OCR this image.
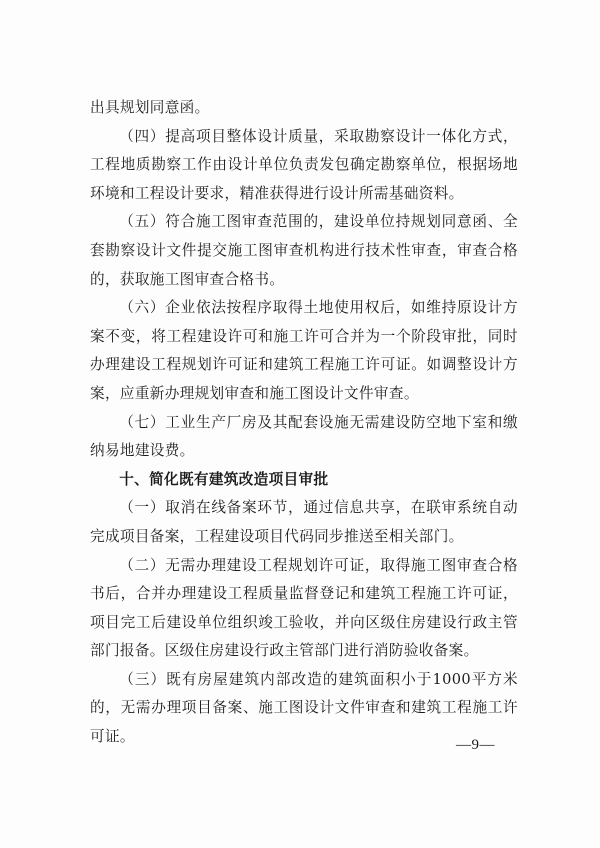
出具规划同意函。

（四）提高项目整体设计质量，采取勘察设计一体化方式，工程地质勘察工作由设计单位负责发包确定勘察单位，根据场地环境和工程设计要求，精准获得进行设计所需基础资料。

（五）符合施工图审查范围的，建设单位持规划同意函、全套勘察设计文件提交施工图审查机构进行技术性审查，审查合格的，获取施工图审查合格书。

（六）企业依法按程序取得土地使用权后，如维持原设计方案不变，将工程建设许可和施工许可合并为一个阶段审批，同时办理建设工程规划许可证和建筑工程施工许可证。如调整设计方案，应重新办理规划审查和施工图设计文件审查。

（七）工业生产厂房及其配套设施无需建设防空地下室和缴纳易地建设费。

十、简化既有建筑改造项目审批

（一）取消在线备案环节，通过信息共享，在联审系统自动完成项目备案，工程建设项目代码同步推送至相关部门。

（二）无需办理建设工程规划许可证，取得施工图审查合格书后，合并办理建设工程质量监督登记和建筑工程施工许可证，项目完工后建设单位组织竣工验收，并向区级住房建设行政主管部门报备。区级住房建设行政主管部门进行消防验收备案。

（三）既有房屋建筑内部改造的建筑面积小于1000平方米的，无需办理项目备案、施工图设计文件审查和建筑工程施工许可证。	—9—
